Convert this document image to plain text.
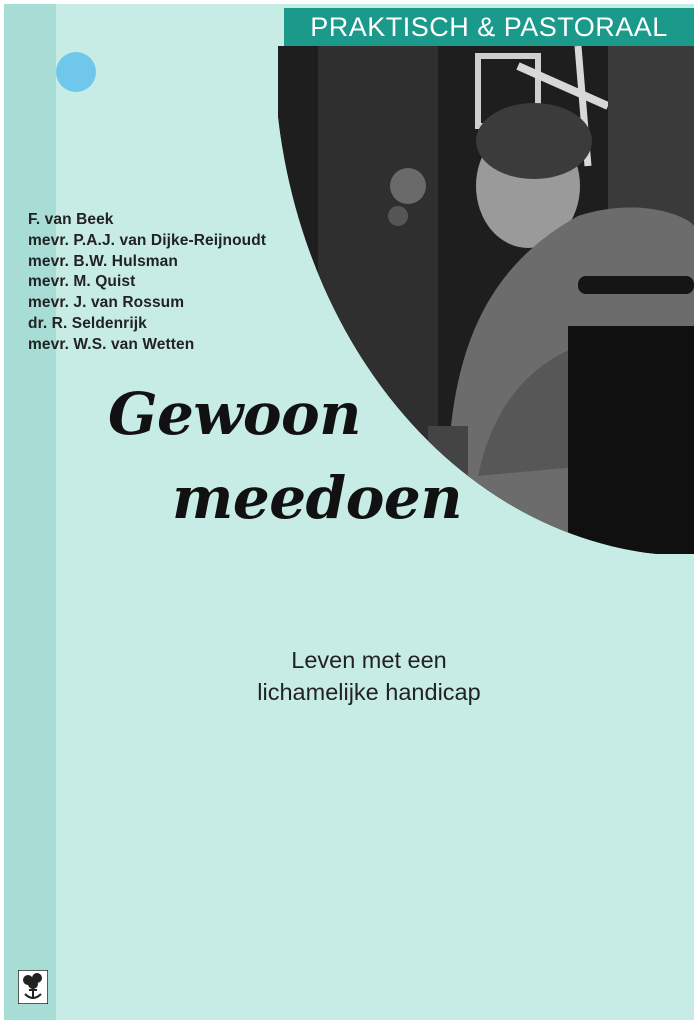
PRAKTISCH & PASTORAAL
F. van Beek
mevr. P.A.J. van Dijke-Reijnoudt
mevr. B.W. Hulsman
mevr. M. Quist
mevr. J. van Rossum
dr. R. Seldenrijk
mevr. W.S. van Wetten
Gewoon
meedoen
Leven met een
lichamelijke handicap
